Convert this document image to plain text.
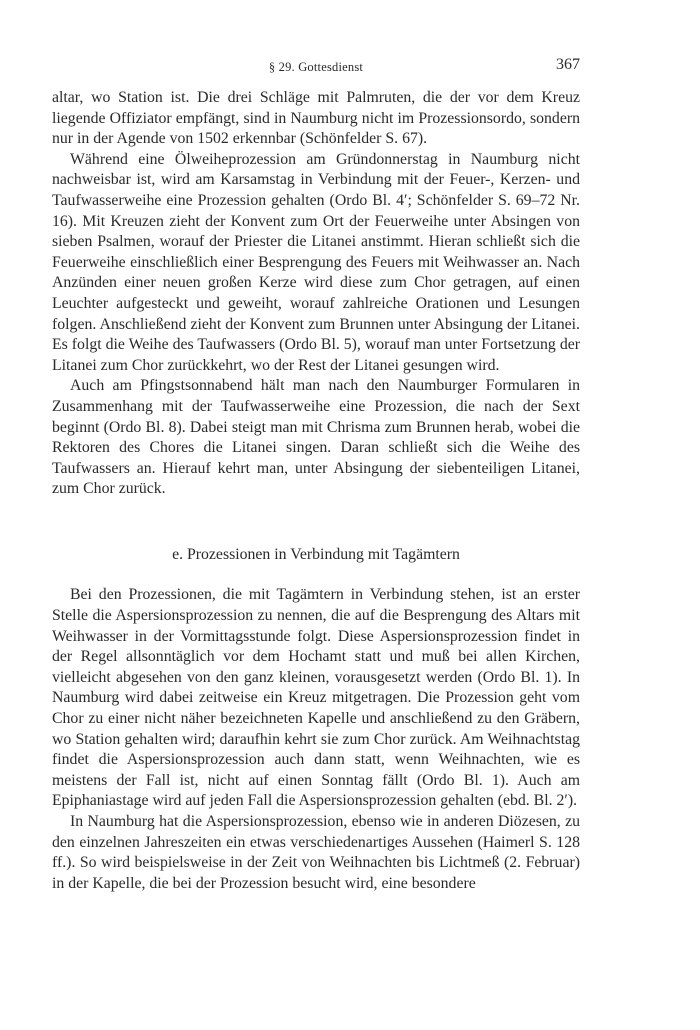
§ 29. Gottesdienst	367

altar, wo Station ist. Die drei Schläge mit Palmruten, die der vor dem Kreuz liegende Offiziator empfängt, sind in Naumburg nicht im Prozessionsordo, sondern nur in der Agende von 1502 erkennbar (Schönfelder S. 67).

Während eine Ölweiheprozession am Gründonnerstag in Naumburg nicht nachweisbar ist, wird am Karsamstag in Verbindung mit der Feuer-, Kerzen- und Taufwasserweihe eine Prozession gehalten (Ordo Bl. 4′; Schönfelder S. 69–72 Nr. 16). Mit Kreuzen zieht der Konvent zum Ort der Feuerweihe unter Absingen von sieben Psalmen, worauf der Priester die Litanei anstimmt. Hieran schließt sich die Feuerweihe einschließlich einer Besprengung des Feuers mit Weihwasser an. Nach Anzünden einer neuen großen Kerze wird diese zum Chor getragen, auf einen Leuchter aufgesteckt und geweiht, worauf zahlreiche Orationen und Lesungen folgen. Anschließend zieht der Konvent zum Brunnen unter Absingung der Litanei. Es folgt die Weihe des Taufwassers (Ordo Bl. 5), worauf man unter Fortsetzung der Litanei zum Chor zurückkehrt, wo der Rest der Litanei gesungen wird.

Auch am Pfingstsonnabend hält man nach den Naumburger Formularen in Zusammenhang mit der Taufwasserweihe eine Prozession, die nach der Sext beginnt (Ordo Bl. 8). Dabei steigt man mit Chrisma zum Brunnen herab, wobei die Rektoren des Chores die Litanei singen. Daran schließt sich die Weihe des Taufwassers an. Hierauf kehrt man, unter Absingung der siebenteiligen Litanei, zum Chor zurück.

e. Prozessionen in Verbindung mit Tagämtern

Bei den Prozessionen, die mit Tagämtern in Verbindung stehen, ist an erster Stelle die Aspersionsprozession zu nennen, die auf die Besprengung des Altars mit Weihwasser in der Vormittagsstunde folgt. Diese Aspersionsprozession findet in der Regel allsonntäglich vor dem Hochamt statt und muß bei allen Kirchen, vielleicht abgesehen von den ganz kleinen, vorausgesetzt werden (Ordo Bl. 1). In Naumburg wird dabei zeitweise ein Kreuz mitgetragen. Die Prozession geht vom Chor zu einer nicht näher bezeichneten Kapelle und anschließend zu den Gräbern, wo Station gehalten wird; daraufhin kehrt sie zum Chor zurück. Am Weihnachtstag findet die Aspersionsprozession auch dann statt, wenn Weihnachten, wie es meistens der Fall ist, nicht auf einen Sonntag fällt (Ordo Bl. 1). Auch am Epiphaniastage wird auf jeden Fall die Aspersionsprozession gehalten (ebd. Bl. 2′).

In Naumburg hat die Aspersionsprozession, ebenso wie in anderen Diözesen, zu den einzelnen Jahreszeiten ein etwas verschiedenartiges Aussehen (Haimerl S. 128 ff.). So wird beispielsweise in der Zeit von Weihnachten bis Lichtmeß (2. Februar) in der Kapelle, die bei der Prozession besucht wird, eine besondere
